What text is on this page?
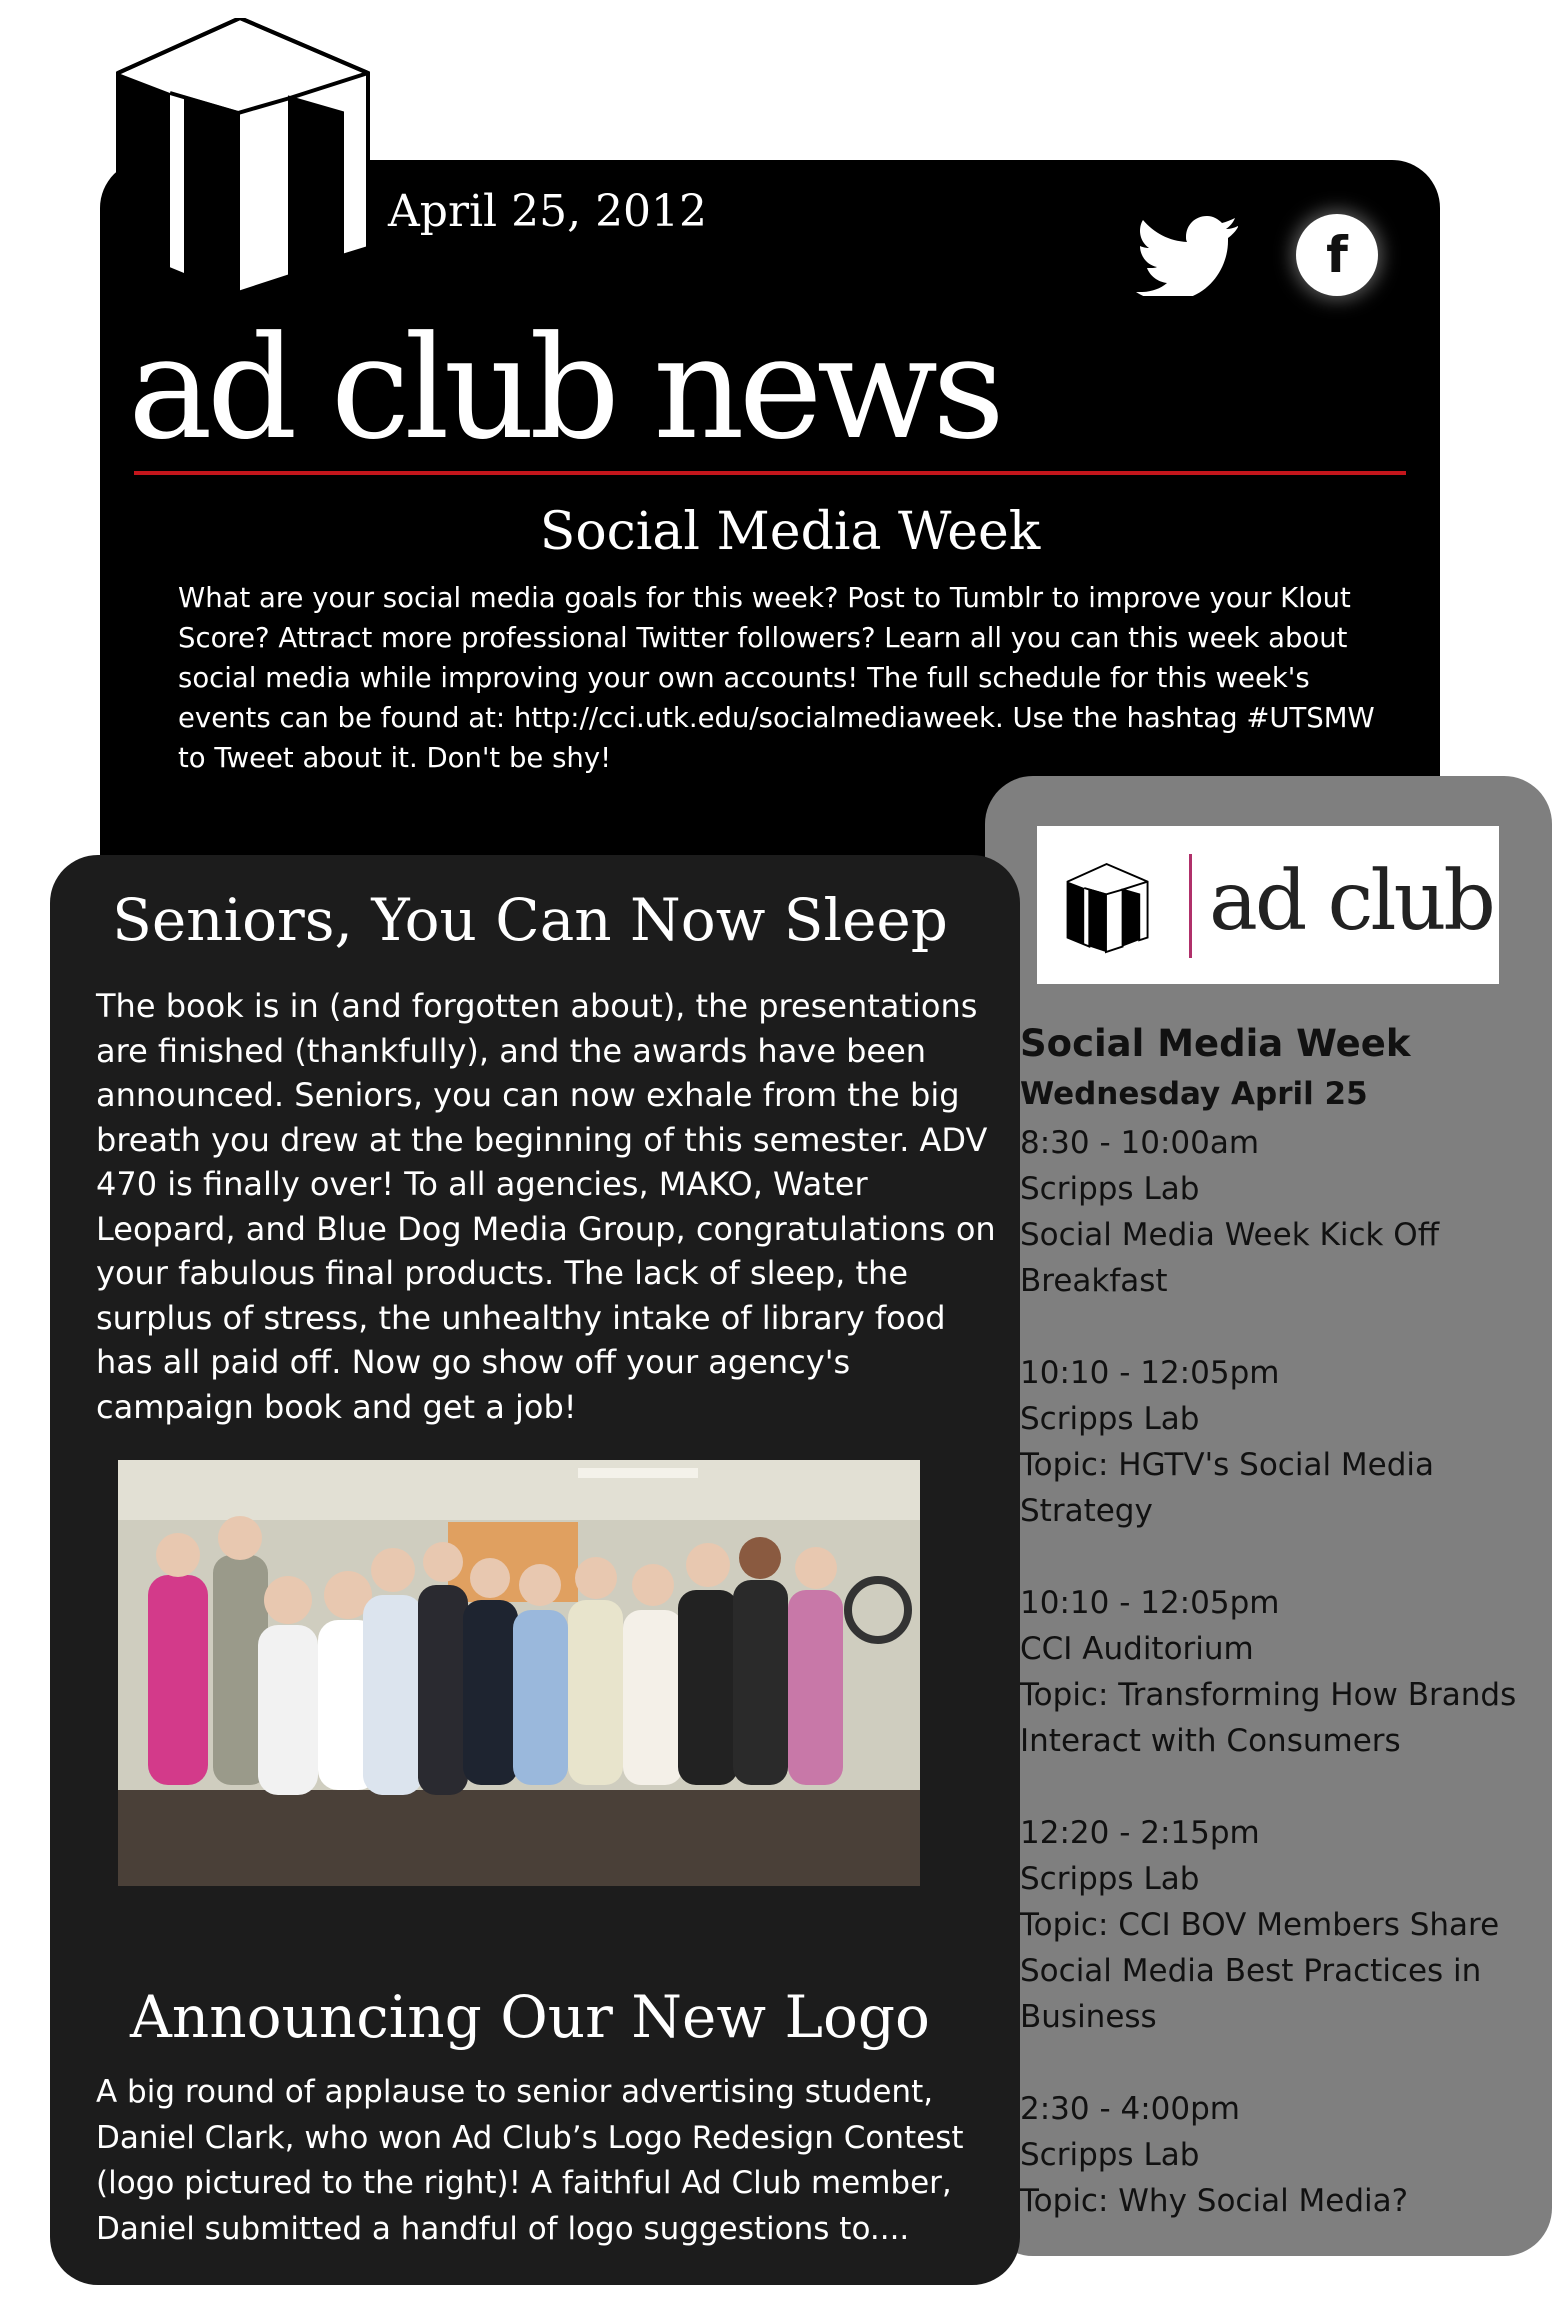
April 25, 2012
ad club news
f
Social Media Week
What are your social media goals for this week? Post to Tumblr to improve your Klout Score? Attract more professional Twitter followers? Learn all you can this week about social media while improving your own accounts! The full schedule for this week's events can be found at: http://cci.utk.edu/socialmediaweek. Use the hashtag #UTSMW to Tweet about it. Don't be shy!
ad club
Social Media Week
Wednesday April 25
8:30 - 10:00am
Scripps Lab
Social Media Week Kick Off Breakfast
10:10 - 12:05pm
Scripps Lab
Topic: HGTV's Social Media Strategy
10:10 - 12:05pm
CCI Auditorium
Topic: Transforming How Brands Interact with Consumers
12:20 - 2:15pm
Scripps Lab
Topic: CCI BOV Members Share Social Media Best Practices in Business
2:30 - 4:00pm
Scripps Lab
Topic: Why Social Media?
Seniors, You Can Now Sleep
The book is in (and forgotten about), the presentations are finished (thankfully), and the awards have been announced. Seniors, you can now exhale from the big breath you drew at the beginning of this semester. ADV 470 is finally over! To all agencies, MAKO, Water Leopard, and Blue Dog Media Group, congratulations on your fabulous final products. The lack of sleep, the surplus of stress, the unhealthy intake of library food has all paid off. Now go show off your agency's campaign book and get a job!
Announcing Our New Logo
A big round of applause to senior advertising student, Daniel Clark, who won Ad Club’s Logo Redesign Contest (logo pictured to the right)! A faithful Ad Club member, Daniel submitted a handful of logo suggestions to....
